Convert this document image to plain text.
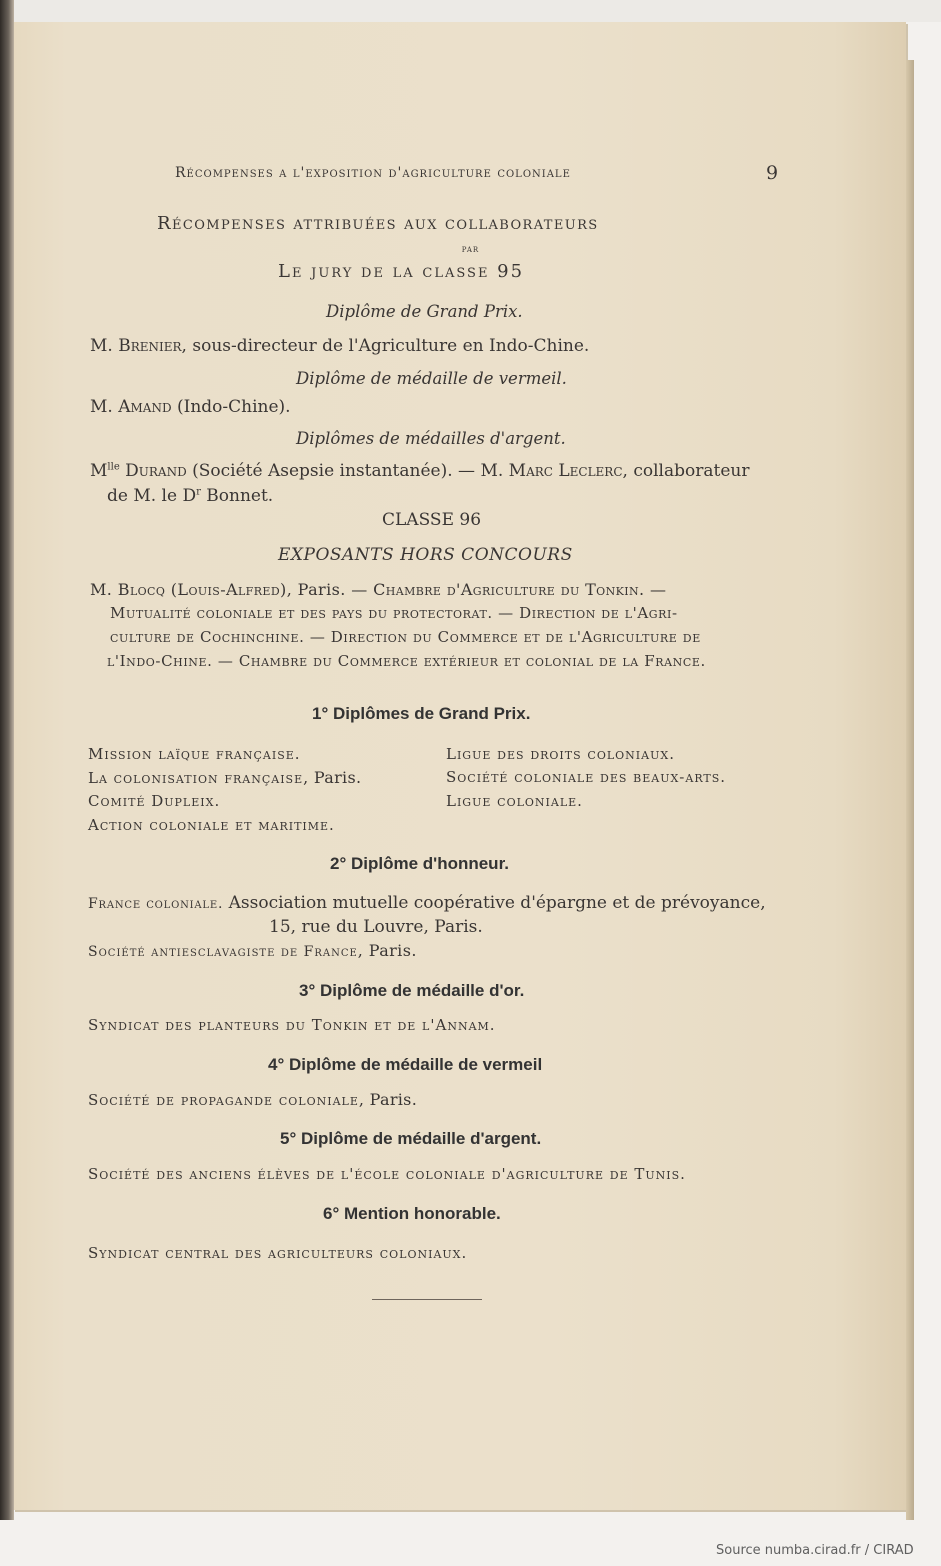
Récompenses a l'exposition d'agriculture coloniale	9
Récompenses attribuées aux collaborateurs
par
Le jury de la classe 95
Diplôme de Grand Prix.
M. Brenier, sous-directeur de l'Agriculture en Indo-Chine.
Diplôme de médaille de vermeil.
M. Amand (Indo-Chine).
Diplômes de médailles d'argent.
$M^{lle}$ Durand (Société Asepsie instantanée). — M. Marc Leclerc, collaborateur
de M. le $D^r$ Bonnet.
CLASSE 96
EXPOSANTS HORS CONCOURS
M. Blocq (Louis-Alfred), Paris. — Chambre d'Agriculture du Tonkin. —
Mutualité coloniale et des pays du protectorat. — Direction de l'Agri-
culture de Cochinchine. — Direction du Commerce et de l'Agriculture de
l'Indo-Chine. — Chambre du Commerce extérieur et colonial de la France.
1° Diplômes de Grand Prix.
Mission laïque française.
La colonisation française, Paris.
Comité Dupleix.
Action coloniale et maritime.
Ligue des droits coloniaux.
Société coloniale des beaux-arts.
Ligue coloniale.
2° Diplôme d'honneur.
France coloniale. Association mutuelle coopérative d'épargne et de prévoyance,
15, rue du Louvre, Paris.
Société antiesclavagiste de France, Paris.
3° Diplôme de médaille d'or.
Syndicat des planteurs du Tonkin et de l'Annam.
4° Diplôme de médaille de vermeil
Société de propagande coloniale, Paris.
5° Diplôme de médaille d'argent.
Société des anciens élèves de l'école coloniale d'agriculture de Tunis.
6° Mention honorable.
Syndicat central des agriculteurs coloniaux.
Source numba.cirad.fr / CIRAD
